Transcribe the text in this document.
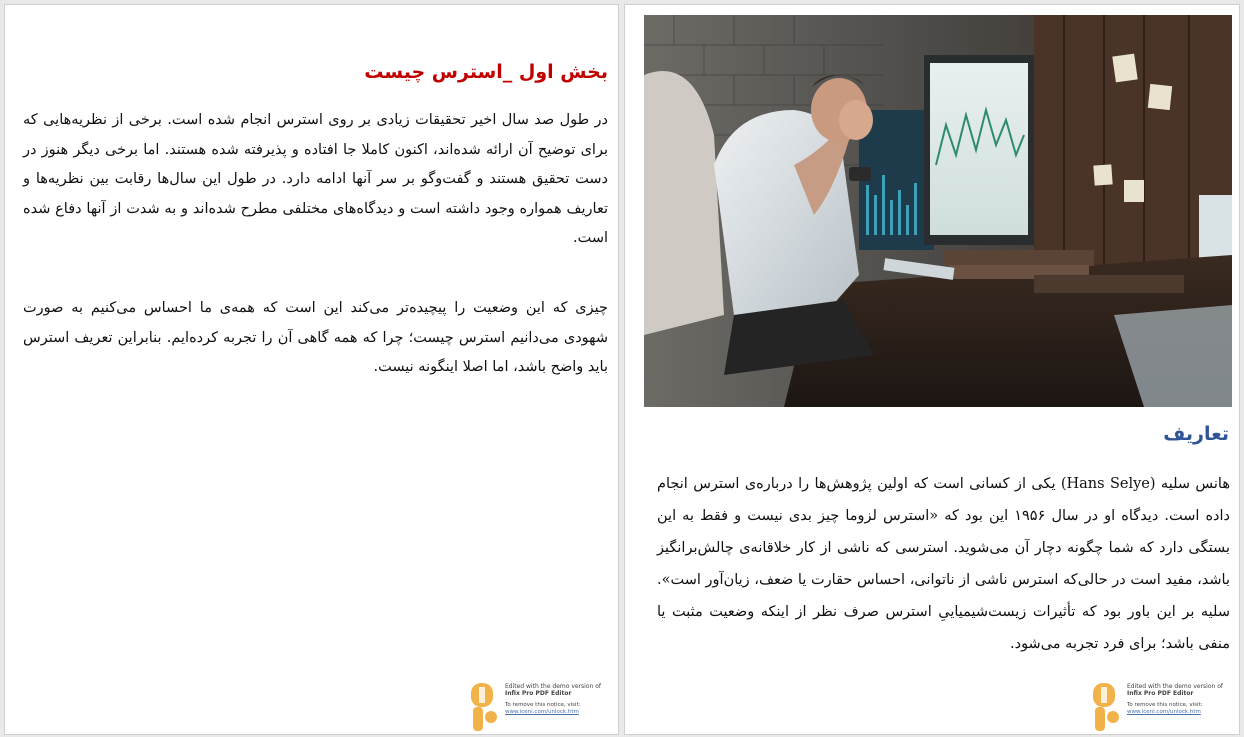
بخش اول _استرس چیست

در طول صد سال اخیر تحقیقات زیادی بر روی استرس انجام شده است. برخی از نظریه‌هایی که برای توضیح آن ارائه شده‌اند، اکنون کاملا جا افتاده و پذیرفته شده هستند. اما برخی دیگر هنوز در دست تحقیق هستند و گفت‌وگو بر سر آنها ادامه دارد. در طول این سال‌ها رقابت بین نظریه‌ها و تعاریف همواره وجود داشته است و دیدگاه‌های مختلفی مطرح شده‌اند و به شدت از آنها دفاع شده است.

چیزی که این وضعیت را پیچیده‌تر می‌کند این است که همه‌ی ما احساس می‌کنیم به صورت شهودی می‌دانیم استرس چیست؛ چرا که همه گاهی آن را تجربه کرده‌ایم. بنابراین تعریف استرس باید واضح باشد، اما اصلا اینگونه نیست.

Edited with the demo version of
Infix Pro PDF Editor
To remove this notice, visit:
www.iceni.com/unlock.htm
تعاریف

هانس سلیه (Hans Selye) یکی از کسانی است که اولین پژوهش‌ها را درباره‌ی استرس انجام داده است. دیدگاه او در سال ۱۹۵۶ این بود که «استرس لزوما چیز بدی نیست و فقط به این بستگی دارد که شما چگونه دچار آن می‌شوید. استرسی که ناشی از کار خلاقانه‌ی چالش‌برانگیز باشد، مفید است در حالی‌که استرس ناشی از ناتوانی، احساس حقارت یا ضعف، زیان‌آور است». سلیه بر این باور بود که تأثیرات زیست‌شیمیاییِ استرس صرف نظر از اینکه وضعیت مثبت یا منفی باشد؛ برای فرد تجربه می‌شود.

Edited with the demo version of
Infix Pro PDF Editor
To remove this notice, visit:
www.iceni.com/unlock.htm
